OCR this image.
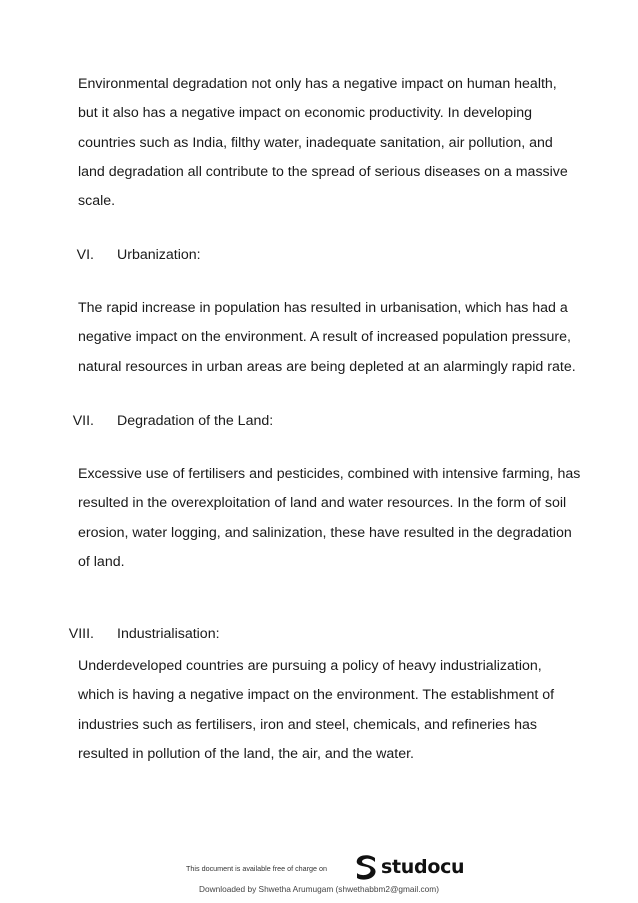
Environmental degradation not only has a negative impact on human health,
but it also has a negative impact on economic productivity. In developing
countries such as India, filthy water, inadequate sanitation, air pollution, and
land degradation all contribute to the spread of serious diseases on a massive
scale.

VI. Urbanization:

The rapid increase in population has resulted in urbanisation, which has had a
negative impact on the environment. A result of increased population pressure,
natural resources in urban areas are being depleted at an alarmingly rapid rate.

VII. Degradation of the Land:

Excessive use of fertilisers and pesticides, combined with intensive farming, has
resulted in the overexploitation of land and water resources. In the form of soil
erosion, water logging, and salinization, these have resulted in the degradation
of land.

VIII. Industrialisation:

Underdeveloped countries are pursuing a policy of heavy industrialization,
which is having a negative impact on the environment. The establishment of
industries such as fertilisers, iron and steel, chemicals, and refineries has
resulted in pollution of the land, the air, and the water.

This document is available free of charge on	studocu
Downloaded by Shwetha Arumugam (shwethabbm2@gmail.com)
